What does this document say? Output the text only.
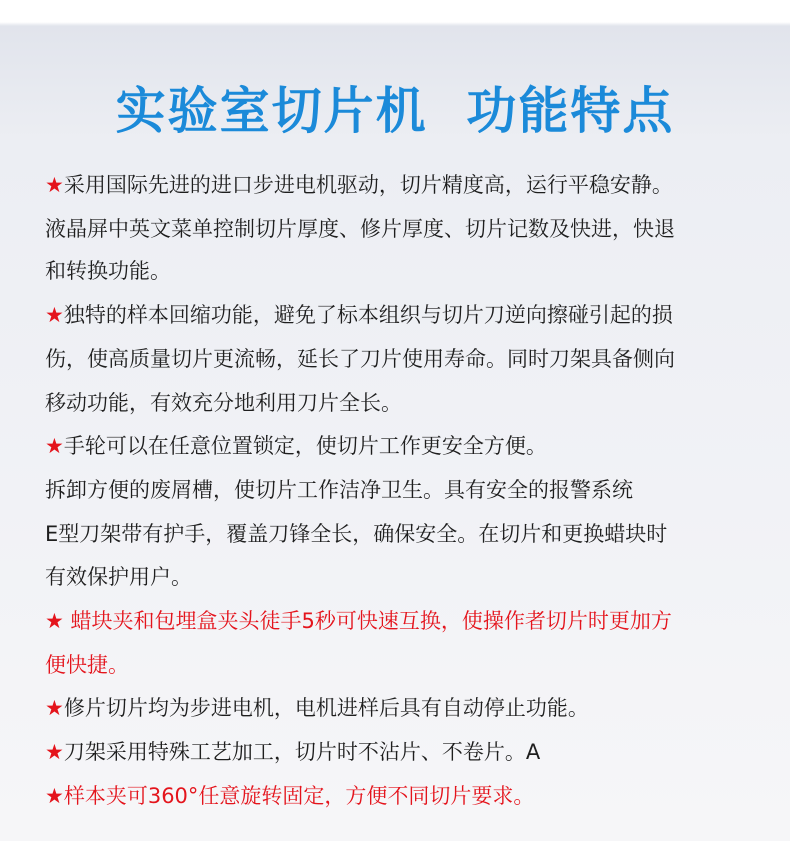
实验室切片机  功能特点
★采用国际先进的进口步进电机驱动，切片精度高，运行平稳安静。
液晶屏中英文菜单控制切片厚度、修片厚度、切片记数及快进，快退
和转换功能。
★独特的样本回缩功能，避免了标本组织与切片刀逆向擦碰引起的损
伤，使高质量切片更流畅，延长了刀片使用寿命。同时刀架具备侧向
移动功能，有效充分地利用刀片全长。
★手轮可以在任意位置锁定，使切片工作更安全方便。
拆卸方便的废屑槽，使切片工作洁净卫生。具有安全的报警系统
E型刀架带有护手，覆盖刀锋全长，确保安全。在切片和更换蜡块时
有效保护用户。
★ 蜡块夹和包埋盒夹头徒手5秒可快速互换，使操作者切片时更加方
便快捷。
★修片切片均为步进电机，电机进样后具有自动停止功能。
★刀架采用特殊工艺加工，切片时不沾片、不卷片。A
★样本夹可360°任意旋转固定，方便不同切片要求。
